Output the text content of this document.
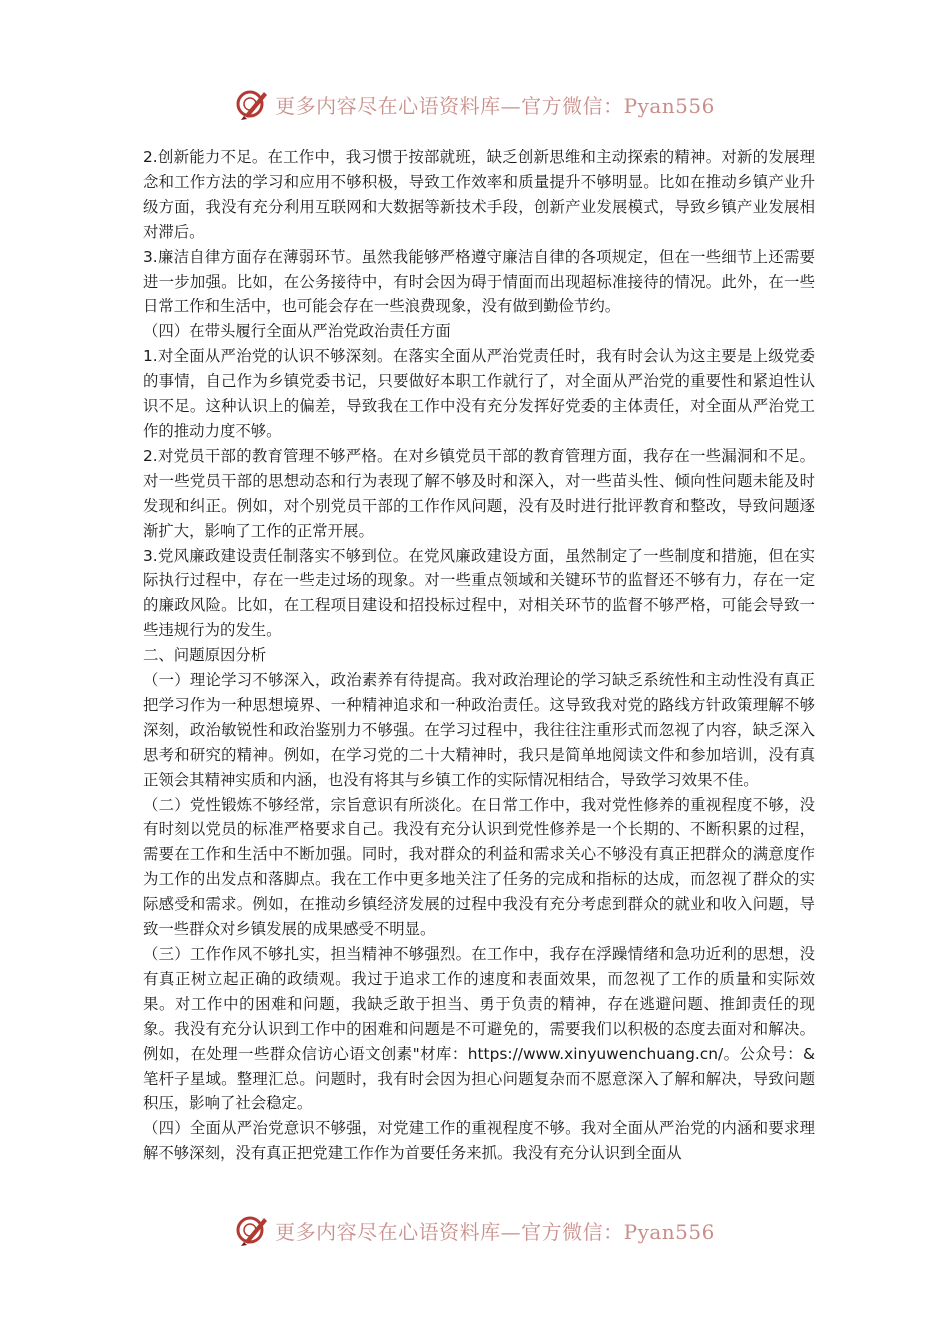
更多内容尽在心语资料库—官方微信：Pyan556

2.创新能力不足。在工作中，我习惯于按部就班，缺乏创新思维和主动探索的精神。对新的发展理念和工作方法的学习和应用不够积极，导致工作效率和质量提升不够明显。比如在推动乡镇产业升级方面，我没有充分利用互联网和大数据等新技术手段，创新产业发展模式，导致乡镇产业发展相对滞后。

3.廉洁自律方面存在薄弱环节。虽然我能够严格遵守廉洁自律的各项规定，但在一些细节上还需要进一步加强。比如，在公务接待中，有时会因为碍于情面而出现超标准接待的情况。此外，在一些日常工作和生活中，也可能会存在一些浪费现象，没有做到勤俭节约。

（四）在带头履行全面从严治党政治责任方面

1.对全面从严治党的认识不够深刻。在落实全面从严治党责任时，我有时会认为这主要是上级党委的事情，自己作为乡镇党委书记，只要做好本职工作就行了，对全面从严治党的重要性和紧迫性认识不足。这种认识上的偏差，导致我在工作中没有充分发挥好党委的主体责任，对全面从严治党工作的推动力度不够。

2.对党员干部的教育管理不够严格。在对乡镇党员干部的教育管理方面，我存在一些漏洞和不足。对一些党员干部的思想动态和行为表现了解不够及时和深入，对一些苗头性、倾向性问题未能及时发现和纠正。例如，对个别党员干部的工作作风问题，没有及时进行批评教育和整改，导致问题逐渐扩大，影响了工作的正常开展。

3.党风廉政建设责任制落实不够到位。在党风廉政建设方面，虽然制定了一些制度和措施，但在实际执行过程中，存在一些走过场的现象。对一些重点领域和关键环节的监督还不够有力，存在一定的廉政风险。比如，在工程项目建设和招投标过程中，对相关环节的监督不够严格，可能会导致一些违规行为的发生。

二、问题原因分析

（一）理论学习不够深入，政治素养有待提高。我对政治理论的学习缺乏系统性和主动性没有真正把学习作为一种思想境界、一种精神追求和一种政治责任。这导致我对党的路线方针政策理解不够深刻，政治敏锐性和政治鉴别力不够强。在学习过程中，我往往注重形式而忽视了内容，缺乏深入思考和研究的精神。例如，在学习党的二十大精神时，我只是简单地阅读文件和参加培训，没有真正领会其精神实质和内涵，也没有将其与乡镇工作的实际情况相结合，导致学习效果不佳。

（二）党性锻炼不够经常，宗旨意识有所淡化。在日常工作中，我对党性修养的重视程度不够，没有时刻以党员的标准严格要求自己。我没有充分认识到党性修养是一个长期的、不断积累的过程，需要在工作和生活中不断加强。同时，我对群众的利益和需求关心不够没有真正把群众的满意度作为工作的出发点和落脚点。我在工作中更多地关注了任务的完成和指标的达成，而忽视了群众的实际感受和需求。例如，在推动乡镇经济发展的过程中我没有充分考虑到群众的就业和收入问题，导致一些群众对乡镇发展的成果感受不明显。

（三）工作作风不够扎实，担当精神不够强烈。在工作中，我存在浮躁情绪和急功近利的思想，没有真正树立起正确的政绩观。我过于追求工作的速度和表面效果，而忽视了工作的质量和实际效果。对工作中的困难和问题，我缺乏敢于担当、勇于负责的精神，存在逃避问题、推卸责任的现象。我没有充分认识到工作中的困难和问题是不可避免的，需要我们以积极的态度去面对和解决。例如，在处理一些群众信访心语文创素"材库：https://www.xinyuwenchuang.cn/。公众号：&笔杆子星域。整理汇总。问题时，我有时会因为担心问题复杂而不愿意深入了解和解决，导致问题积压，影响了社会稳定。

（四）全面从严治党意识不够强，对党建工作的重视程度不够。我对全面从严治党的内涵和要求理解不够深刻，没有真正把党建工作作为首要任务来抓。我没有充分认识到全面从

更多内容尽在心语资料库—官方微信：Pyan556
